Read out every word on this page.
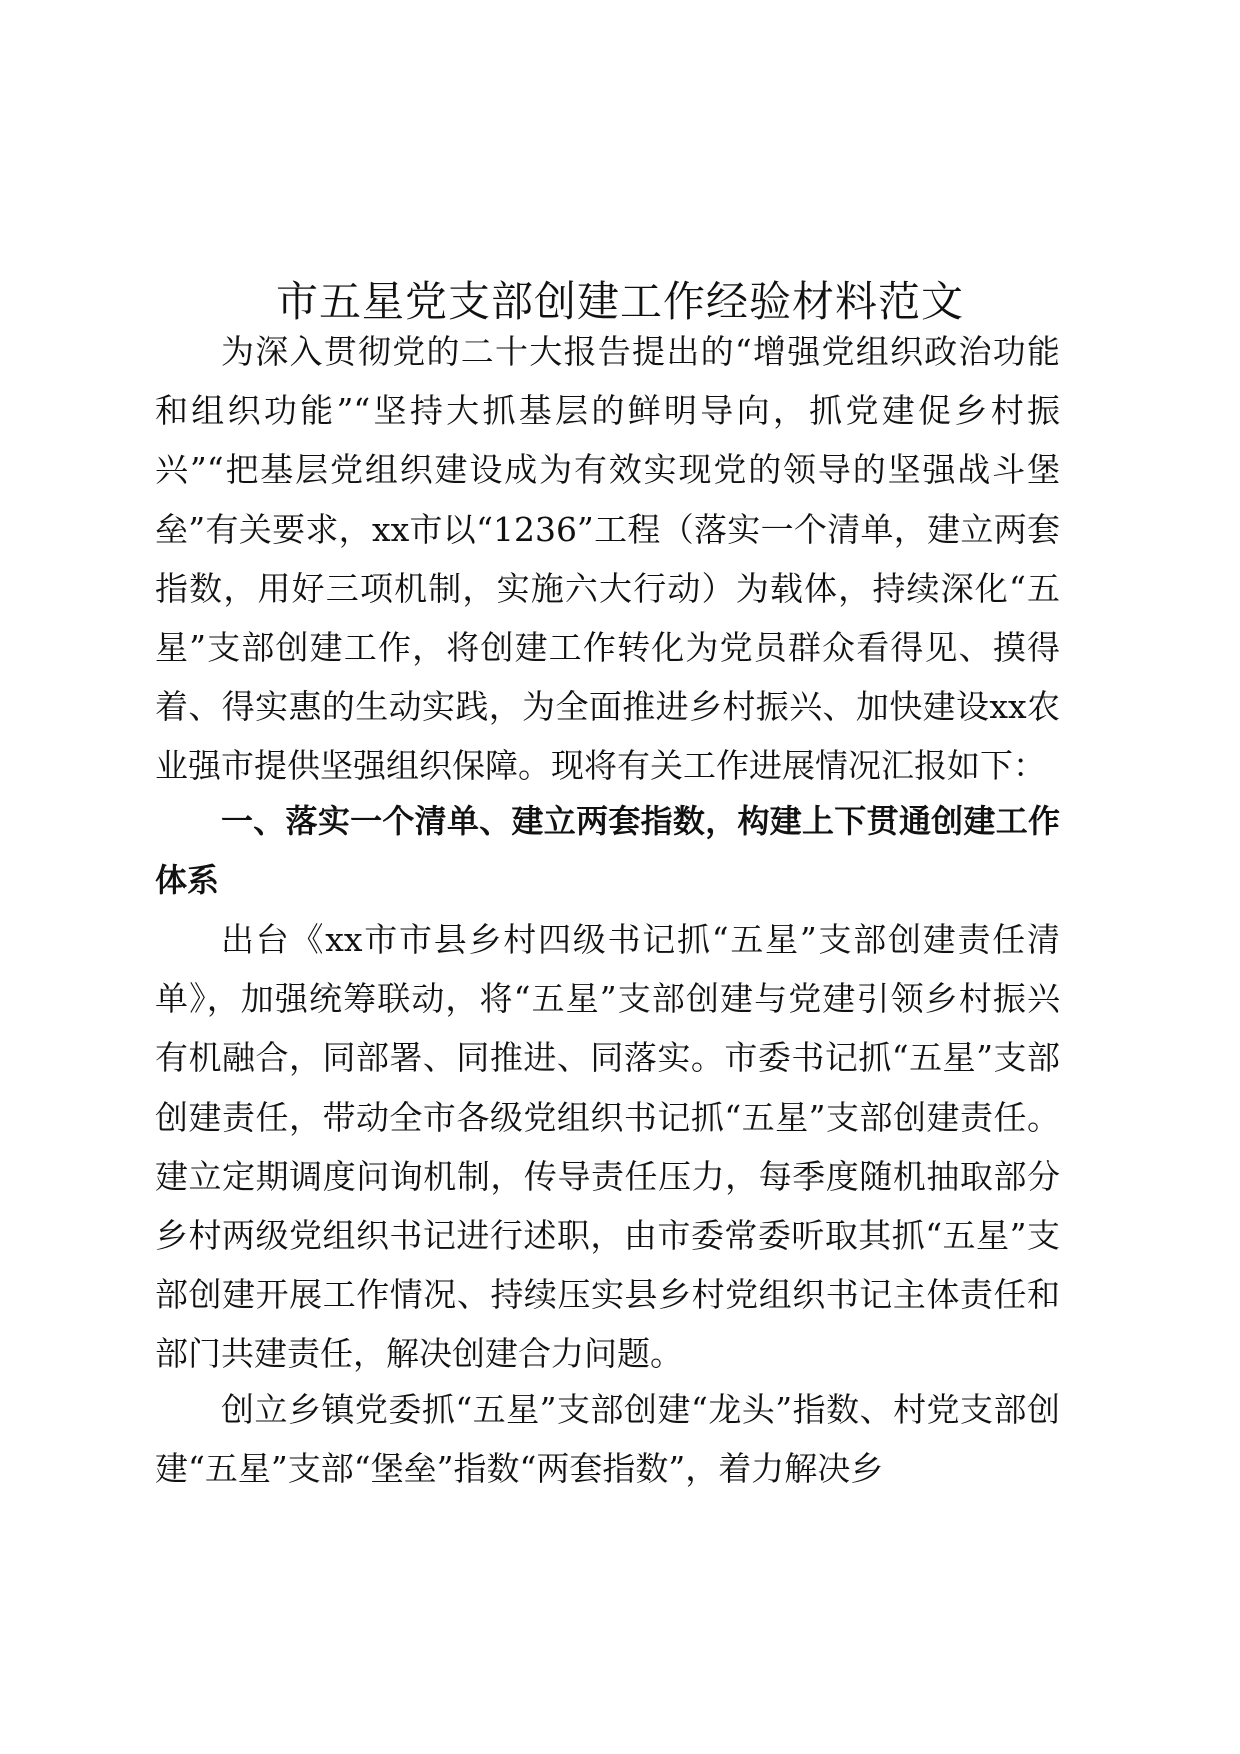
市五星党支部创建工作经验材料范文

为深入贯彻党的二十大报告提出的“增强党组织政治功能和组织功能”“坚持大抓基层的鲜明导向，抓党建促乡村振兴”“把基层党组织建设成为有效实现党的领导的坚强战斗堡垒”有关要求，xx市以“1236”工程（落实一个清单，建立两套指数，用好三项机制，实施六大行动）为载体，持续深化“五星”支部创建工作，将创建工作转化为党员群众看得见、摸得着、得实惠的生动实践，为全面推进乡村振兴、加快建设xx农业强市提供坚强组织保障。现将有关工作进展情况汇报如下：

一、落实一个清单、建立两套指数，构建上下贯通创建工作体系

出台《xx市市县乡村四级书记抓“五星”支部创建责任清单》，加强统筹联动，将“五星”支部创建与党建引领乡村振兴有机融合，同部署、同推进、同落实。市委书记抓“五星”支部创建责任，带动全市各级党组织书记抓“五星”支部创建责任。建立定期调度问询机制，传导责任压力，每季度随机抽取部分乡村两级党组织书记进行述职，由市委常委听取其抓“五星”支部创建开展工作情况、持续压实县乡村党组织书记主体责任和部门共建责任，解决创建合力问题。

创立乡镇党委抓“五星”支部创建“龙头”指数、村党支部创建“五星”支部“堡垒”指数“两套指数”，着力解决乡
